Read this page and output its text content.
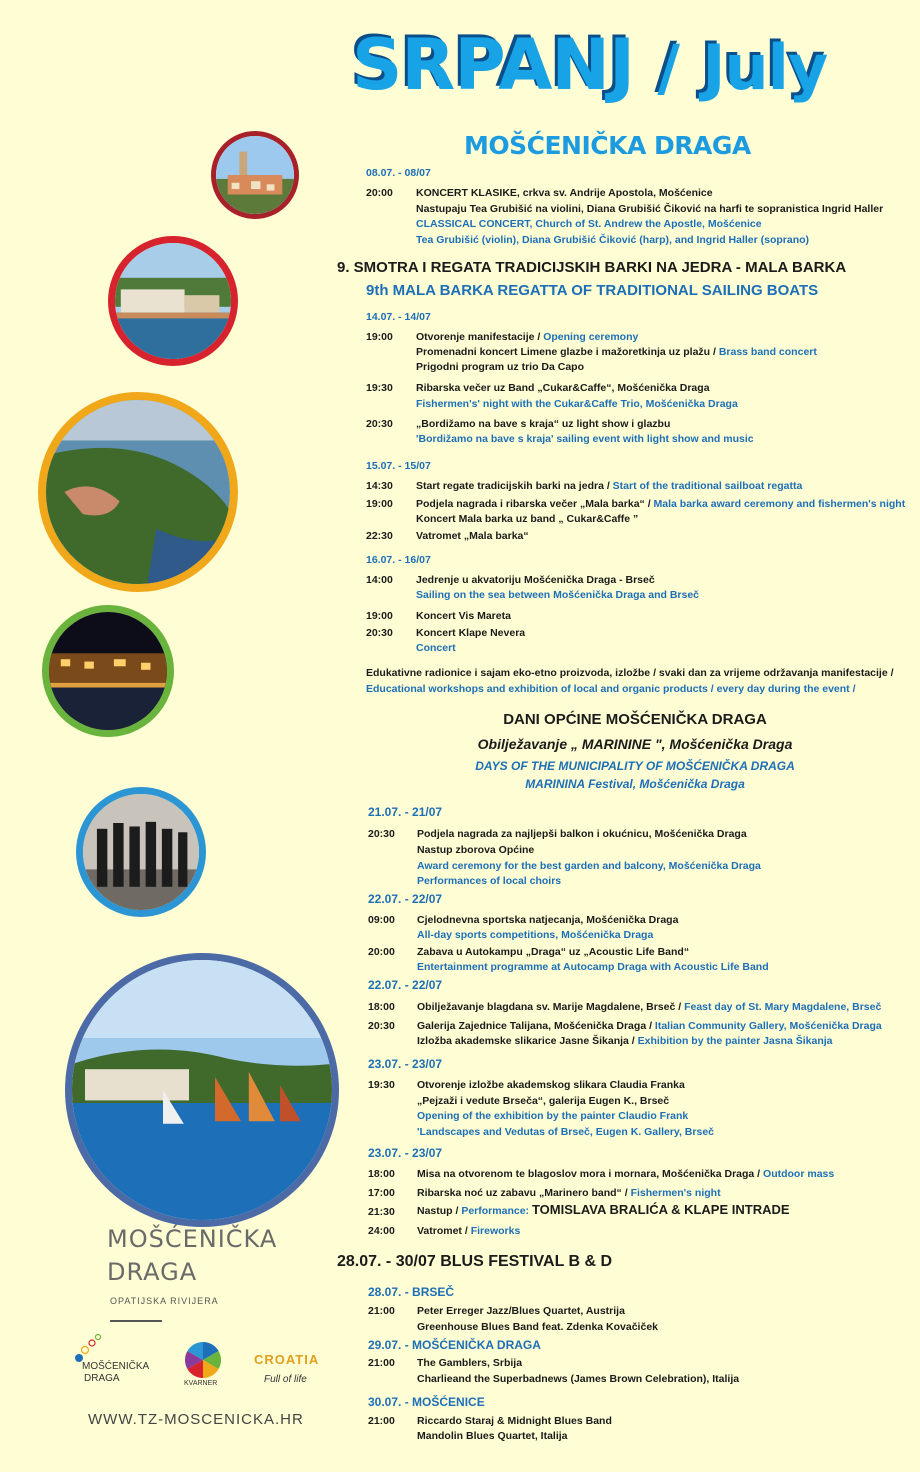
SRPANJ / July
MOŠĆENIČKA DRAGA
08.07. - 08/07
20:00 KONCERT KLASIKE, crkva sv. Andrije Apostola, Mošćenice
Nastupaju Tea Grubišić na violini, Diana Grubišić Čiković na harfi te sopranistica Ingrid Haller
CLASSICAL CONCERT, Church of St. Andrew the Apostle, Mošćenice
Tea Grubišić (violin), Diana Grubišić Čiković (harp), and Ingrid Haller (soprano)
9. SMOTRA I REGATA TRADICIJSKIH BARKI NA JEDRA - MALA BARKA
9th MALA BARKA REGATTA OF TRADITIONAL SAILING BOATS
14.07. - 14/07
19:00 Otvorenje manifestacije / Opening ceremony
Promenadni koncert Limene glazbe i mažoretkinja uz plažu / Brass band concert
Prigodni program uz trio Da Capo
19:30 Ribarska večer uz Band „Cukar&Caffe“, Mošćenička Draga
Fishermen's' night with the Cukar&Caffe Trio, Mošćenička Draga
20:30 „Bordižamo na bave s kraja“ uz light show i glazbu
'Bordižamo na bave s kraja' sailing event with light show and music
15.07. - 15/07
14:30 Start regate tradicijskih barki na jedra / Start of the traditional sailboat regatta
19:00 Podjela nagrada i ribarska večer „Mala barka“ / Mala barka award ceremony and fishermen's night
Koncert Mala barka uz band „ Cukar&Caffe ”
22:30 Vatromet „Mala barka“
16.07. - 16/07
14:00 Jedrenje u akvatoriju Mošćenička Draga - Brseč
Sailing on the sea between Mošćenička Draga and Brseč
19:00 Koncert Vis Mareta
20:30 Koncert Klape Nevera
Concert
Edukativne radionice i sajam eko-etno proizvoda, izložbe / svaki dan za vrijeme održavanja manifestacije /
Educational workshops and exhibition of local and organic products / every day during the event /
DANI OPĆINE MOŠĆENIČKA DRAGA
Obilježavanje „ MARININE ", Mošćenička Draga
DAYS OF THE MUNICIPALITY OF MOŠĆENIČKA DRAGA
MARININA Festival, Mošćenička Draga
21.07. - 21/07
20:30 Podjela nagrada za najljepši balkon i okućnicu, Mošćenička Draga
Nastup zborova Općine
Award ceremony for the best garden and balcony, Mošćenička Draga
Performances of local choirs
22.07. - 22/07
09:00 Cjelodnevna sportska natjecanja, Mošćenička Draga
All-day sports competitions, Mošćenička Draga
20:00 Zabava u Autokampu „Draga“ uz „Acoustic Life Band“
Entertainment programme at Autocamp Draga with Acoustic Life Band
22.07. - 22/07
18:00 Obilježavanje blagdana sv. Marije Magdalene, Brseč / Feast day of St. Mary Magdalene, Brseč
20:30 Galerija Zajednice Talijana, Mošćenička Draga / Italian Community Gallery, Mošćenička Draga
Izložba akademske slikarice Jasne Šikanja / Exhibition by the painter Jasna Šikanja
23.07. - 23/07
19:30 Otvorenje izložbe akademskog slikara Claudia Franka
„Pejzaži i vedute Brseča“, galerija Eugen K., Brseč
Opening of the exhibition by the painter Claudio Frank
'Landscapes and Vedutas of Brseč, Eugen K. Gallery, Brseč
23.07. - 23/07
18:00 Misa na otvorenom te blagoslov mora i mornara, Mošćenička Draga / Outdoor mass
17:00 Ribarska noć uz zabavu „Marinero band“ / Fishermen's night
21:30 Nastup / Performance: TOMISLAVA BRALIĆA & KLAPE INTRADE
24:00 Vatromet / Fireworks
28.07. - 30/07 BLUS FESTIVAL B & D
28.07. - BRSEČ
21:00 Peter Erreger Jazz/Blues Quartet, Austrija
Greenhouse Blues Band feat. Zdenka Kovačiček
29.07. - MOŠĆENIČKA DRAGA
21:00 The Gamblers, Srbija
Charlieand the Superbadnews (James Brown Celebration), Italija
30.07. - MOŠĆENICE
21:00 Riccardo Staraj & Midnight Blues Band
Mandolin Blues Quartet, Italija
MOŠĆENIČKA
DRAGA
OPATIJSKA RIVIJERA
MOŠĆENIČKA
DRAGA	KVARNER
CROATIA
Full of life
WWW.TZ-MOSCENICKA.HR
